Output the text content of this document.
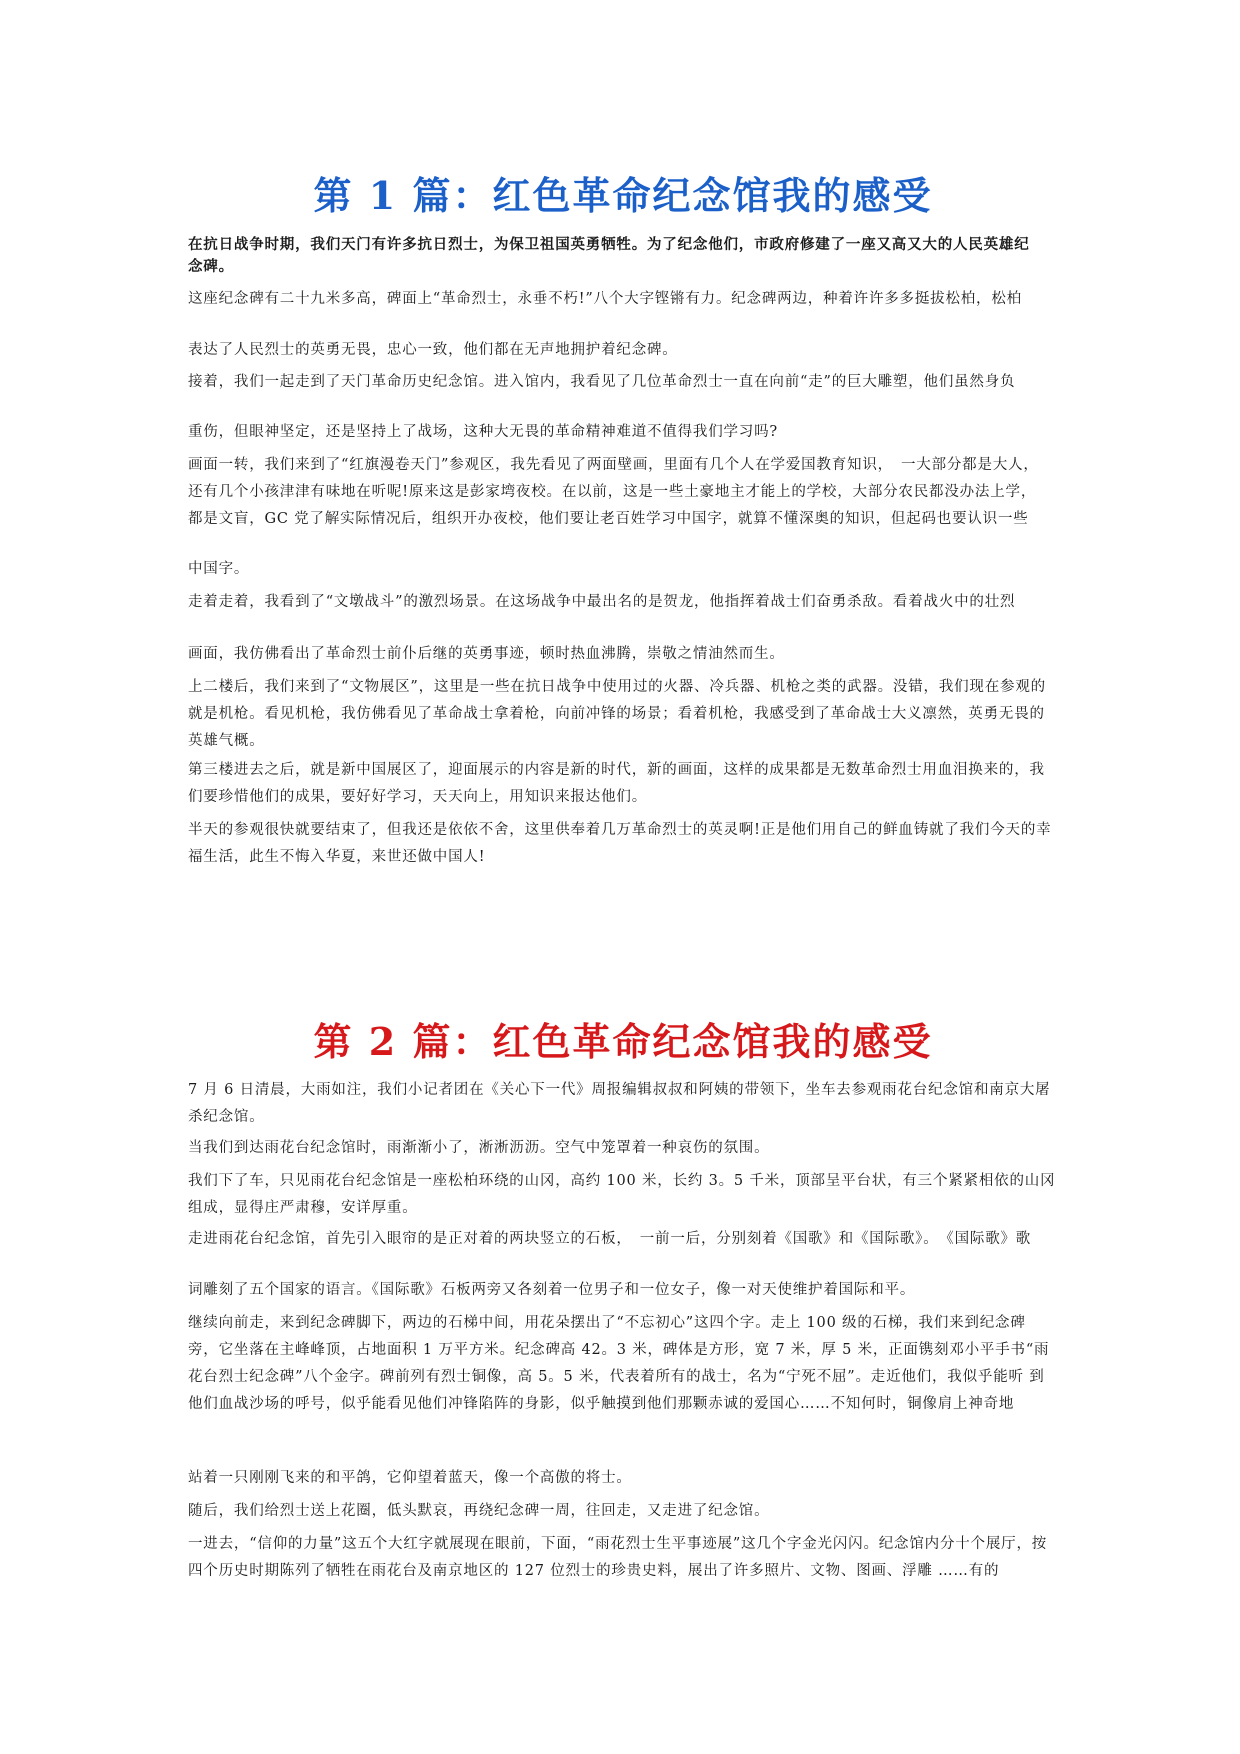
第 1 篇：红色革命纪念馆我的感受

在抗日战争时期，我们天门有许多抗日烈士，为保卫祖国英勇牺牲。为了纪念他们，市政府修建了一座又高又大的人民英雄纪

念碑。

这座纪念碑有二十九米多高，碑面上“革命烈士，永垂不朽!”八个大字铿锵有力。纪念碑两边，种着许许多多挺拔松柏，松柏

表达了人民烈士的英勇无畏，忠心一致，他们都在无声地拥护着纪念碑。

接着，我们一起走到了天门革命历史纪念馆。进入馆内，我看见了几位革命烈士一直在向前“走”的巨大雕塑，他们虽然身负

重伤，但眼神坚定，还是坚持上了战场，这种大无畏的革命精神难道不值得我们学习吗?

画面一转，我们来到了“红旗漫卷天门”参观区，我先看见了两面壁画，里面有几个人在学爱国教育知识，　一大部分都是大人，　还有几个小孩津津有味地在听呢!原来这是彭家塆夜校。在以前，这是一些土豪地主才能上的学校，大部分农民都没办法上学，　都是文盲，GC 党了解实际情况后，组织开办夜校，他们要让老百姓学习中国字，就算不懂深奥的知识，但起码也要认识一些

中国字。

走着走着，我看到了“文墩战斗”的激烈场景。在这场战争中最出名的是贺龙，他指挥着战士们奋勇杀敌。看着战火中的壮烈

画面，我仿佛看出了革命烈士前仆后继的英勇事迹，顿时热血沸腾，崇敬之情油然而生。

上二楼后，我们来到了“文物展区”，这里是一些在抗日战争中使用过的火器、冷兵器、机枪之类的武器。没错，我们现在参观的就是机枪。看见机枪，我仿佛看见了革命战士拿着枪，向前冲锋的场景；看着机枪，我感受到了革命战士大义凛然，英勇无畏的英雄气概。

第三楼进去之后，就是新中国展区了，迎面展示的内容是新的时代，新的画面，这样的成果都是无数革命烈士用血泪换来的，我们要珍惜他们的成果，要好好学习，天天向上，用知识来报达他们。

半天的参观很快就要结束了，但我还是依依不舍，这里供奉着几万革命烈士的英灵啊!正是他们用自己的鲜血铸就了我们今天的幸福生活，此生不悔入华夏，来世还做中国人!

第 2 篇：红色革命纪念馆我的感受

7 月 6 日清晨，大雨如注，我们小记者团在《关心下一代》周报编辑叔叔和阿姨的带领下，坐车去参观雨花台纪念馆和南京大屠 杀纪念馆。

当我们到达雨花台纪念馆时，雨渐渐小了，淅淅沥沥。空气中笼罩着一种哀伤的氛围。

我们下了车，只见雨花台纪念馆是一座松柏环绕的山冈，高约 100 米，长约 3。5 千米，顶部呈平台状，有三个紧紧相依的山冈 组成，显得庄严肃穆，安详厚重。

走进雨花台纪念馆，首先引入眼帘的是正对着的两块竖立的石板，　一前一后，分别刻着《国歌》和《国际歌》。　《国际歌》歌

词雕刻了五个国家的语言。《国际歌》石板两旁又各刻着一位男子和一位女子，像一对天使维护着国际和平。

继续向前走，来到纪念碑脚下，两边的石梯中间，用花朵摆出了“不忘初心”这四个字。走上 100 级的石梯，我们来到纪念碑 旁，它坐落在主峰峰顶，占地面积 1 万平方米。纪念碑高 42。3 米，碑体是方形，宽 7 米，厚 5 米，正面镌刻邓小平手书“雨 花台烈士纪念碑”八个金字。碑前列有烈士铜像，高 5。5 米，代表着所有的战士，名为“宁死不屈”。走近他们，我似乎能听 到他们血战沙场的呼号，似乎能看见他们冲锋陷阵的身影，似乎触摸到他们那颗赤诚的爱国心……不知何时，铜像肩上神奇地

站着一只刚刚飞来的和平鸽，它仰望着蓝天，像一个高傲的将士。

随后，我们给烈士送上花圈，低头默哀，再绕纪念碑一周，往回走，又走进了纪念馆。

一进去，“信仰的力量”这五个大红字就展现在眼前，下面，“雨花烈士生平事迹展”这几个字金光闪闪。纪念馆内分十个展厅，按四个历史时期陈列了牺牲在雨花台及南京地区的 127 位烈士的珍贵史料，展出了许多照片、文物、图画、浮雕 ……有的
